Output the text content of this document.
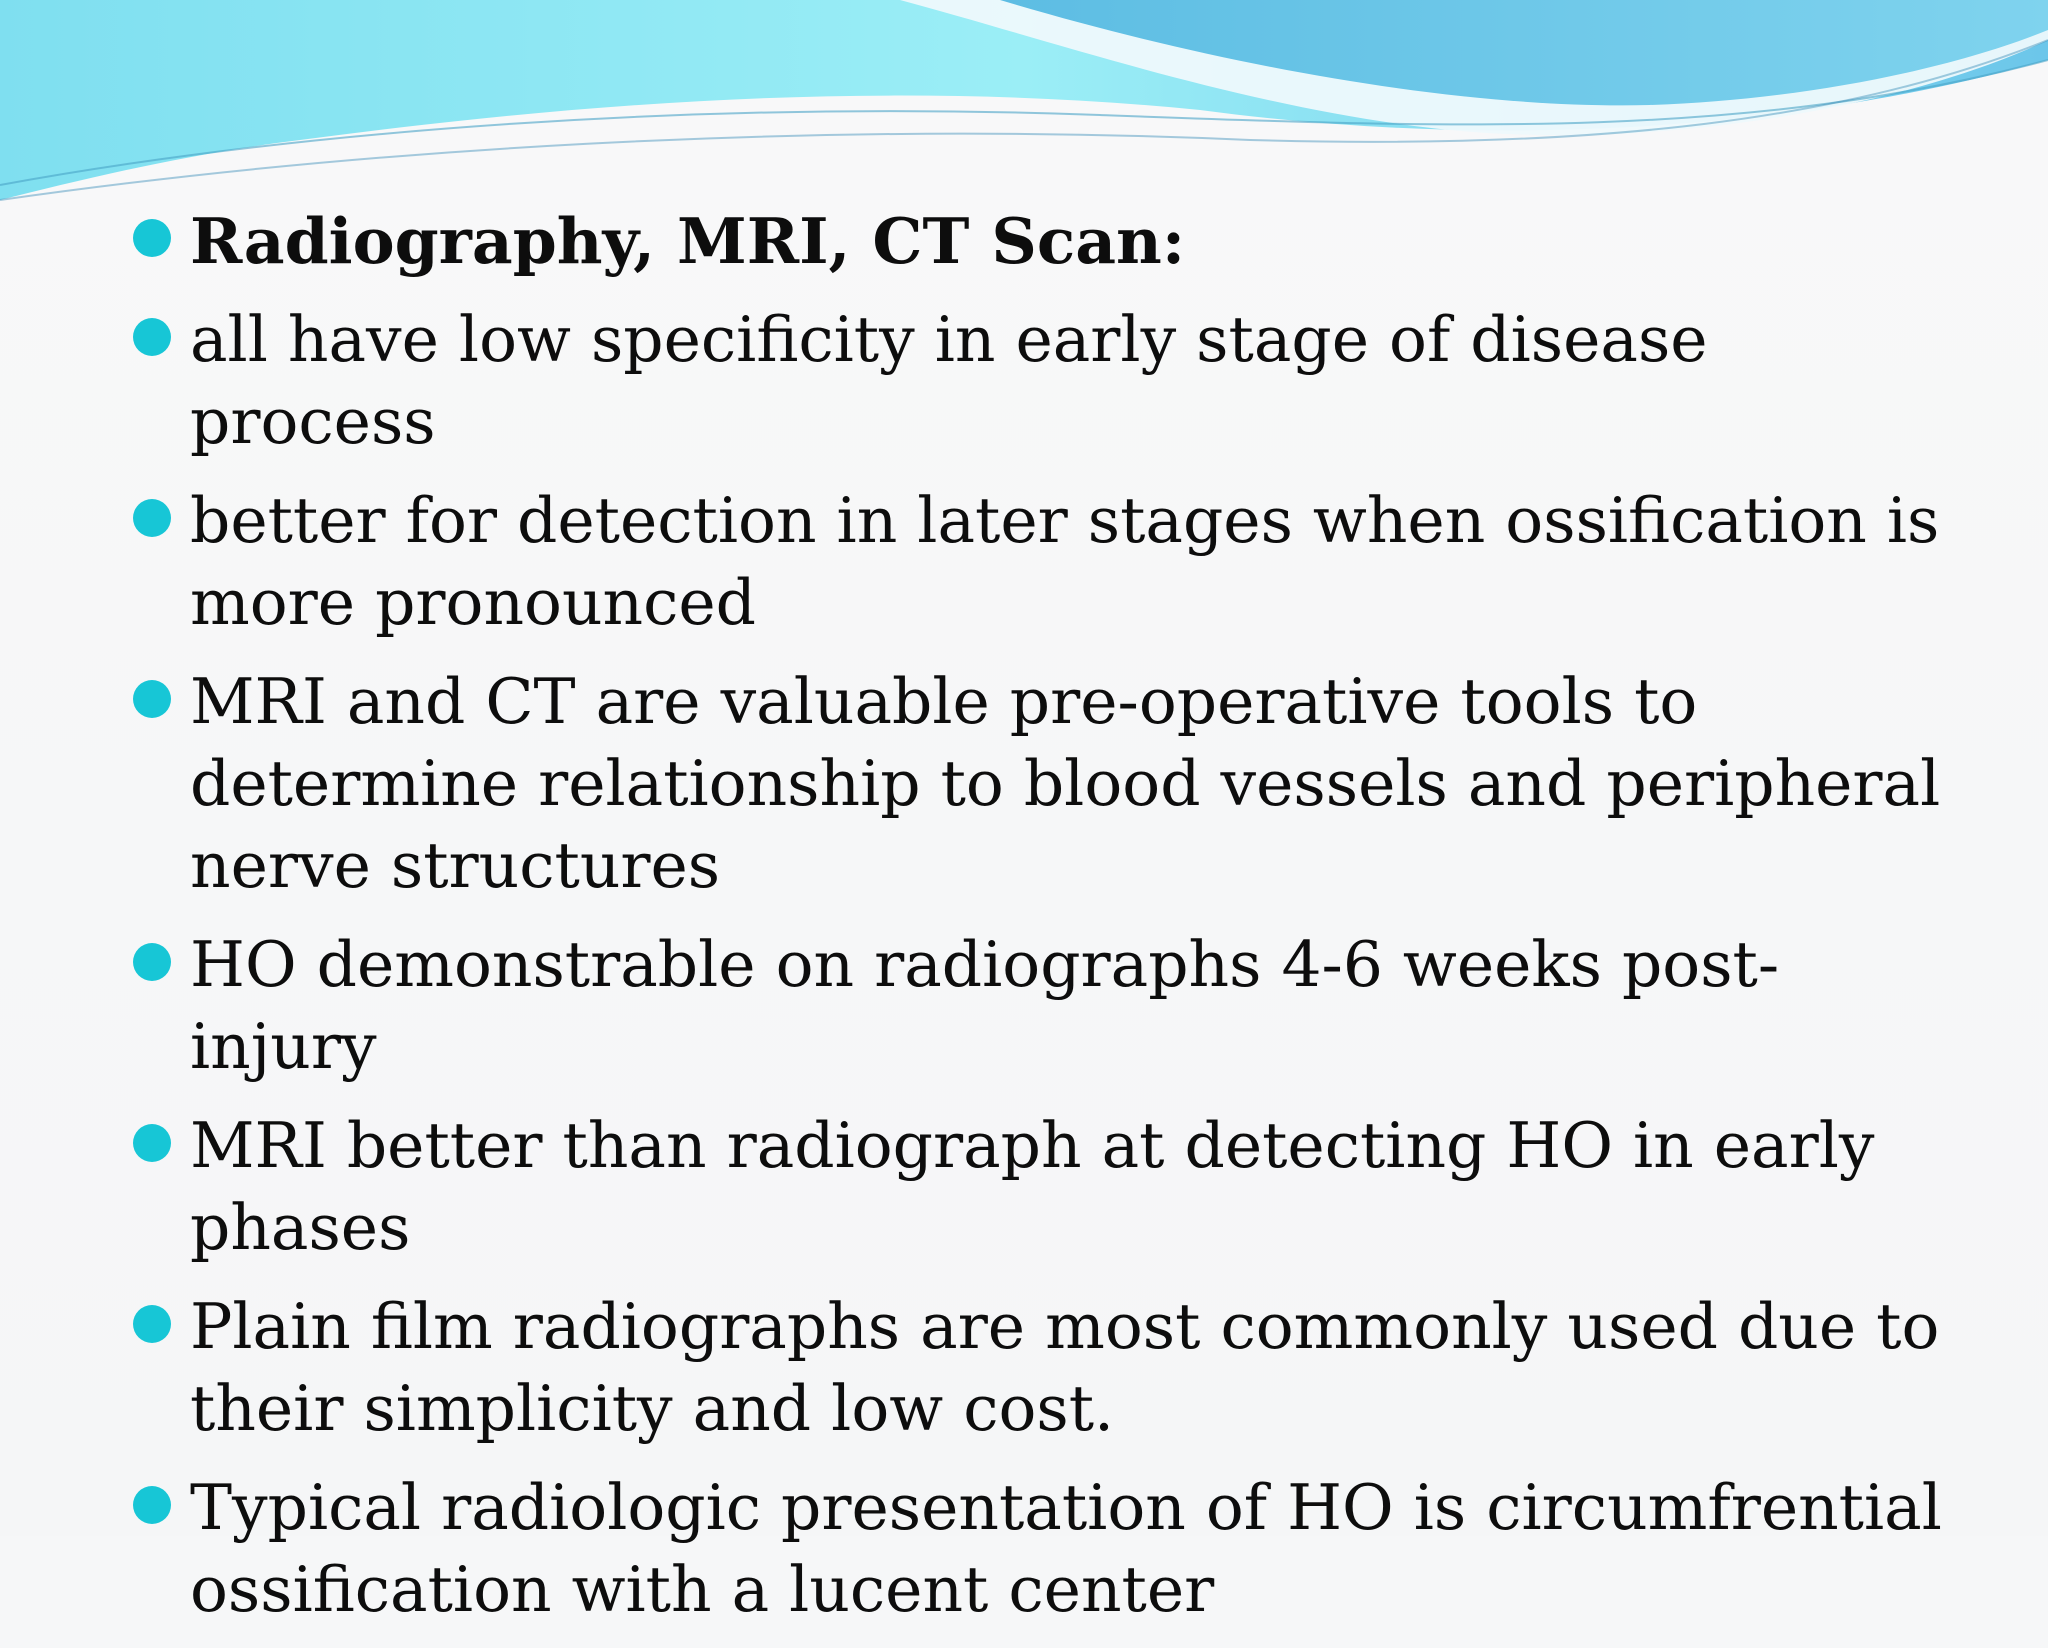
Radiography, MRI, CT Scan:
all have low specificity in early stage of disease process
better for detection in later stages when ossification is more pronounced
MRI and CT are valuable pre-operative tools to determine relationship to blood vessels and peripheral nerve structures
HO demonstrable on radiographs 4-6 weeks post-injury
MRI better than radiograph at detecting HO in early phases
Plain film radiographs are most commonly used due to their simplicity and low cost.
Typical radiologic presentation of HO is circumfrential ossification with a lucent center
